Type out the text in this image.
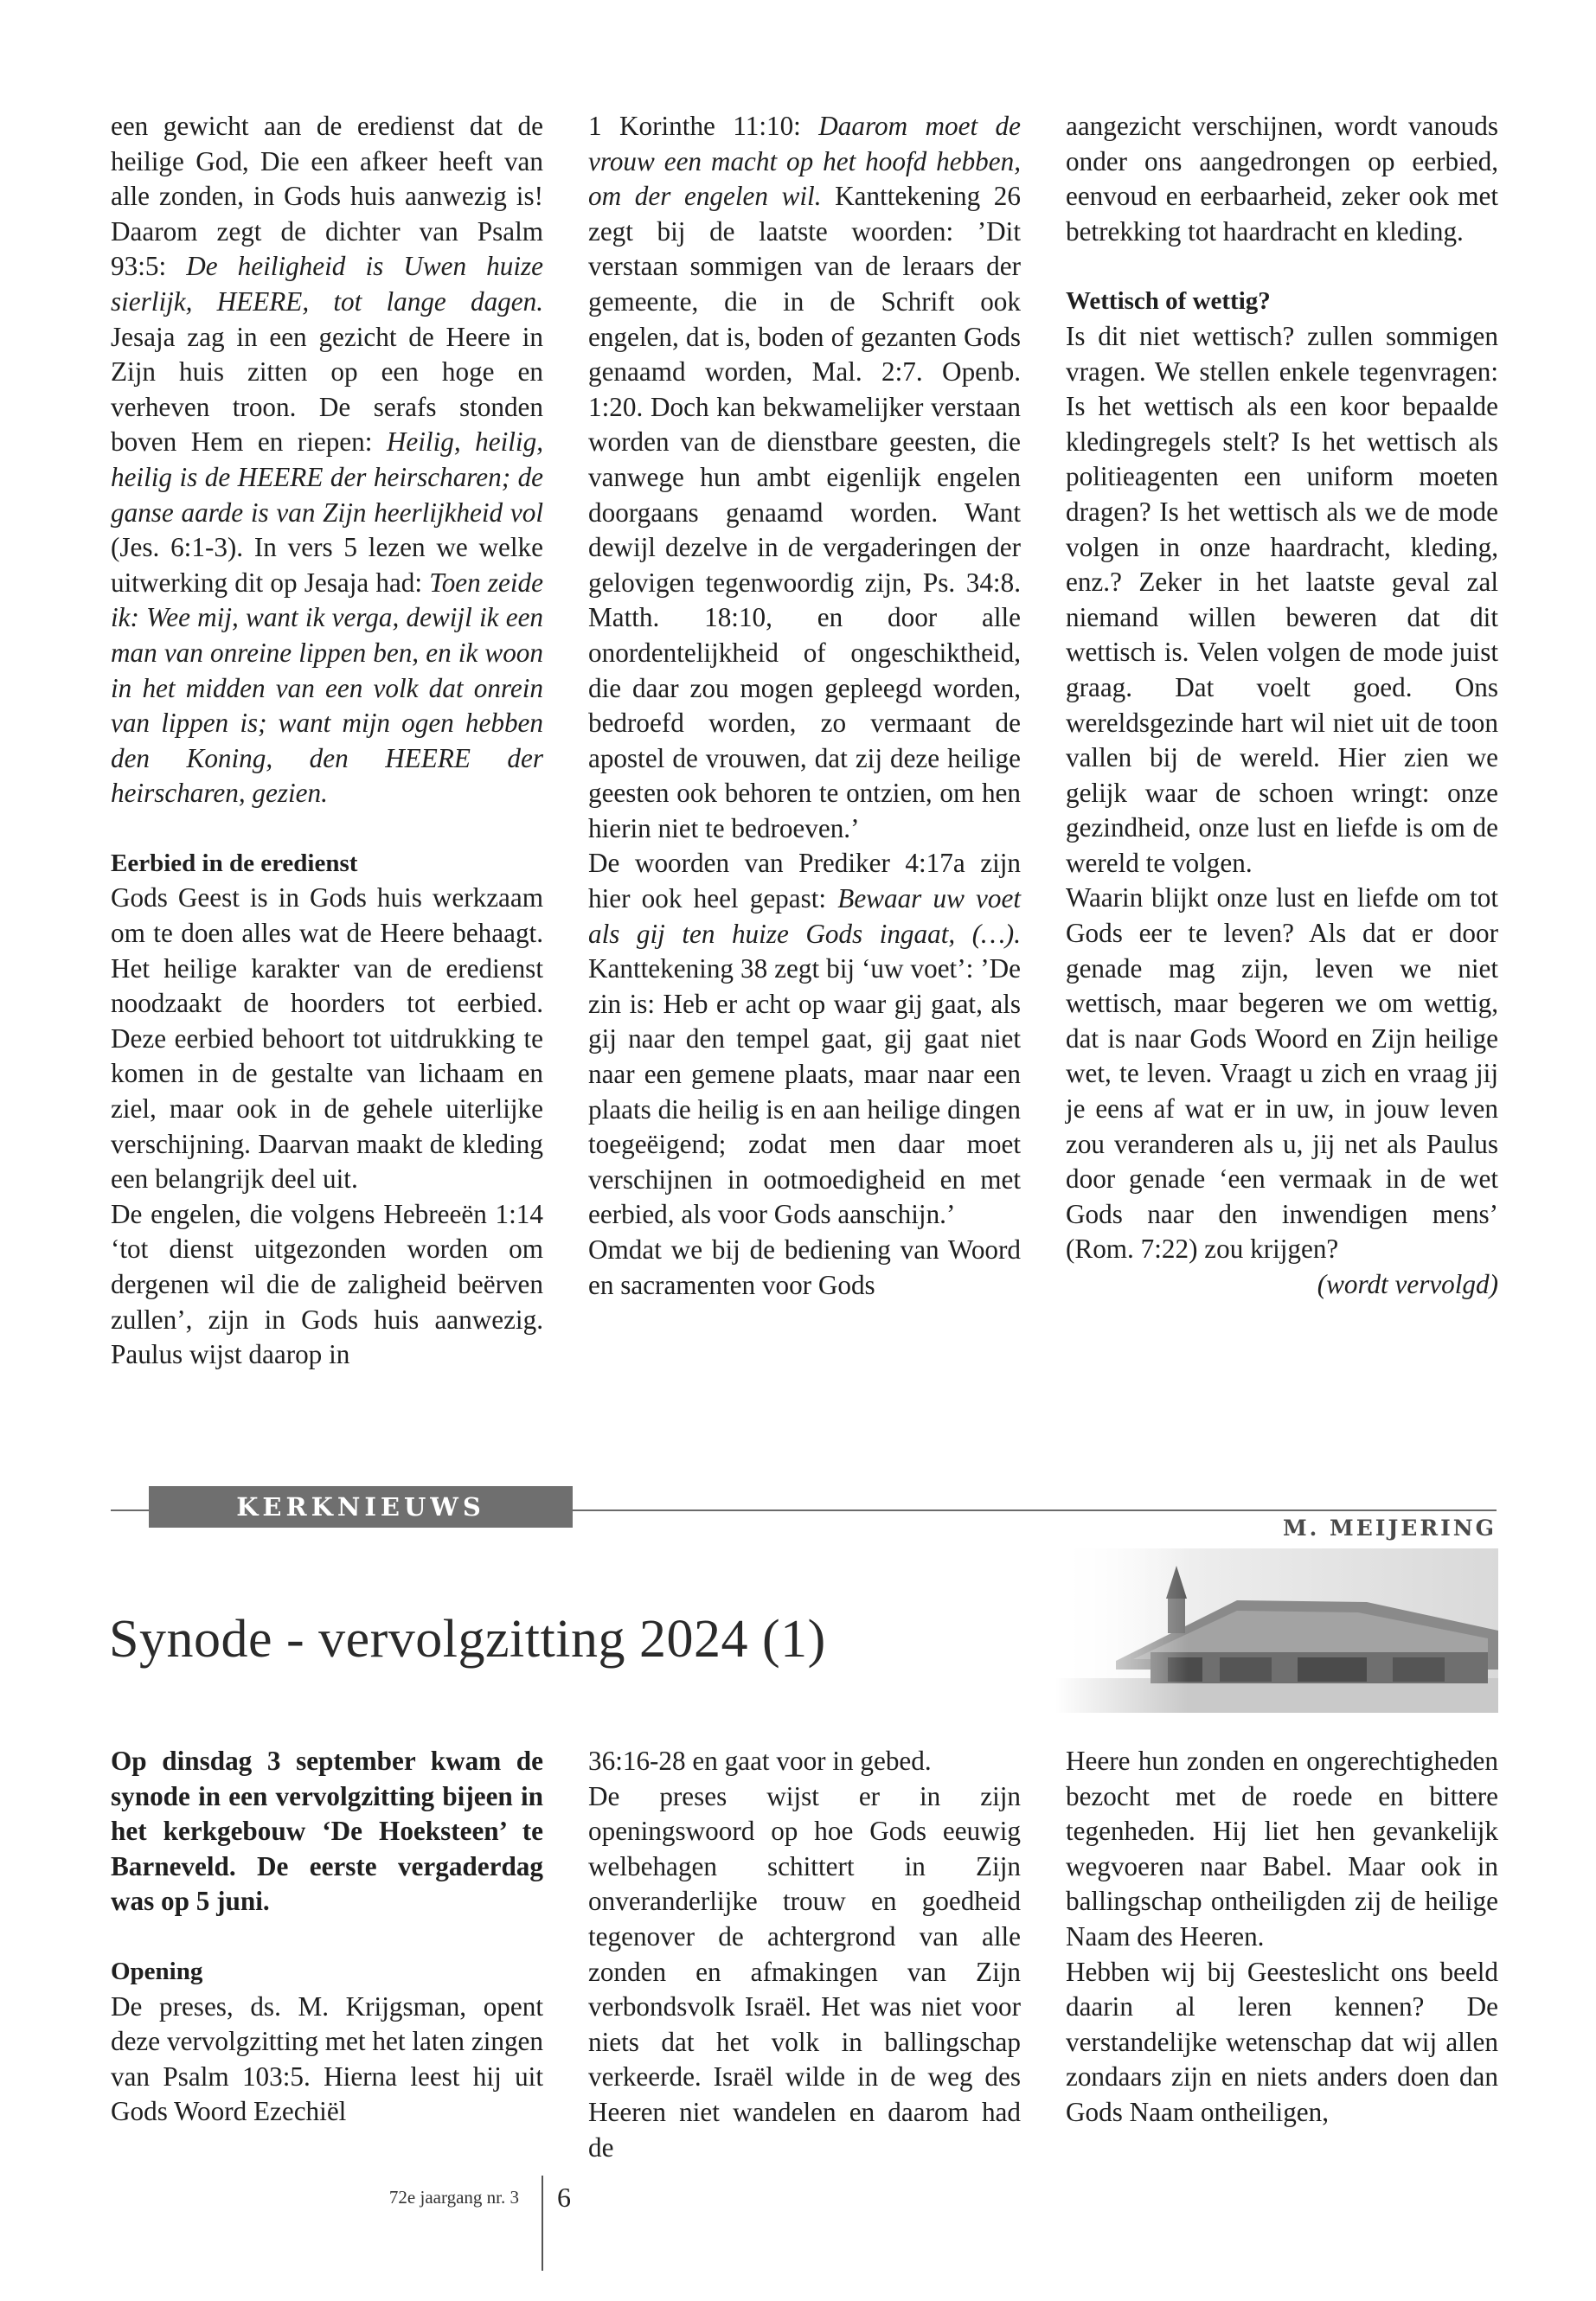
een gewicht aan de eredienst dat de heilige God, Die een afkeer heeft van alle zonden, in Gods huis aanwezig is! Daarom zegt de dichter van Psalm 93:5: De heiligheid is Uwen huize sierlijk, HEERE, tot lange dagen. Jesaja zag in een gezicht de Heere in Zijn huis zitten op een hoge en verheven troon. De serafs stonden boven Hem en riepen: Heilig, heilig, heilig is de HEERE der heirscharen; de ganse aarde is van Zijn heerlijkheid vol (Jes. 6:1-3). In vers 5 lezen we welke uitwerking dit op Jesaja had: Toen zeide ik: Wee mij, want ik verga, dewijl ik een man van onreine lippen ben, en ik woon in het midden van een volk dat onrein van lippen is; want mijn ogen hebben den Koning, den HEERE der heirscharen, gezien.

Eerbied in de eredienst

Gods Geest is in Gods huis werkzaam om te doen alles wat de Heere behaagt. Het heilige karakter van de eredienst noodzaakt de hoorders tot eerbied. Deze eerbied behoort tot uitdrukking te komen in de gestalte van lichaam en ziel, maar ook in de gehele uiterlijke verschijning. Daarvan maakt de kleding een belangrijk deel uit.

De engelen, die volgens Hebreeën 1:14 ‘tot dienst uitgezonden worden om dergenen wil die de zaligheid beërven zullen’, zijn in Gods huis aanwezig. Paulus wijst daarop in

1 Korinthe 11:10: Daarom moet de vrouw een macht op het hoofd hebben, om der engelen wil. Kanttekening 26 zegt bij de laatste woorden: ’Dit verstaan sommigen van de leraars der gemeente, die in de Schrift ook engelen, dat is, boden of gezanten Gods genaamd worden, Mal. 2:7. Openb. 1:20. Doch kan bekwamelijker verstaan worden van de dienstbare geesten, die vanwege hun ambt eigenlijk engelen doorgaans genaamd worden. Want dewijl dezelve in de vergaderingen der gelovigen tegenwoordig zijn, Ps. 34:8. Matth. 18:10, en door alle onordentelijkheid of ongeschiktheid, die daar zou mogen gepleegd worden, bedroefd worden, zo vermaant de apostel de vrouwen, dat zij deze heilige geesten ook behoren te ontzien, om hen hierin niet te bedroeven.’

De woorden van Prediker 4:17a zijn hier ook heel gepast: Bewaar uw voet als gij ten huize Gods ingaat, (…). Kanttekening 38 zegt bij ‘uw voet’: ’De zin is: Heb er acht op waar gij gaat, als gij naar den tempel gaat, gij gaat niet naar een gemene plaats, maar naar een plaats die heilig is en aan heilige dingen toegeëigend; zodat men daar moet verschijnen in ootmoedigheid en met eerbied, als voor Gods aanschijn.’

Omdat we bij de bediening van Woord en sacramenten voor Gods

aangezicht verschijnen, wordt vanouds onder ons aangedrongen op eerbied, eenvoud en eerbaarheid, zeker ook met betrekking tot haardracht en kleding.

Wettisch of wettig?

Is dit niet wettisch? zullen sommigen vragen. We stellen enkele tegenvragen: Is het wettisch als een koor bepaalde kledingregels stelt? Is het wettisch als politieagenten een uniform moeten dragen? Is het wettisch als we de mode volgen in onze haardracht, kleding, enz.? Zeker in het laatste geval zal niemand willen beweren dat dit wettisch is. Velen volgen de mode juist graag. Dat voelt goed. Ons wereldsgezinde hart wil niet uit de toon vallen bij de wereld. Hier zien we gelijk waar de schoen wringt: onze gezindheid, onze lust en liefde is om de wereld te volgen.

Waarin blijkt onze lust en liefde om tot Gods eer te leven? Als dat er door genade mag zijn, leven we niet wettisch, maar begeren we om wettig, dat is naar Gods Woord en Zijn heilige wet, te leven. Vraagt u zich en vraag jij je eens af wat er in uw, in jouw leven zou veranderen als u, jij net als Paulus door genade ‘een vermaak in de wet Gods naar den inwendigen mens’ (Rom. 7:22) zou krijgen?

(wordt vervolgd)

KERKNIEUWS
M. MEIJERING
Synode - vervolgzitting 2024 (1)

Op dinsdag 3 september kwam de synode in een vervolgzitting bijeen in het kerkgebouw ‘De Hoeksteen’ te Barneveld. De eerste vergaderdag was op 5 juni.

Opening

De preses, ds. M. Krijgsman, opent deze vervolgzitting met het laten zingen van Psalm 103:5. Hierna leest hij uit Gods Woord Ezechiël

36:16-28 en gaat voor in gebed.

De preses wijst er in zijn openingswoord op hoe Gods eeuwig welbehagen schittert in Zijn onveranderlijke trouw en goedheid tegenover de achtergrond van alle zonden en afmakingen van Zijn verbondsvolk Israël. Het was niet voor niets dat het volk in ballingschap verkeerde. Israël wilde in de weg des Heeren niet wandelen en daarom had de

Heere hun zonden en ongerechtigheden bezocht met de roede en bittere tegenheden. Hij liet hen gevankelijk wegvoeren naar Babel. Maar ook in ballingschap ontheiligden zij de heilige Naam des Heeren.

Hebben wij bij Geesteslicht ons beeld daarin al leren kennen? De verstandelijke wetenschap dat wij allen zondaars zijn en niets anders doen dan Gods Naam ontheiligen,

72e jaargang nr. 3 6
